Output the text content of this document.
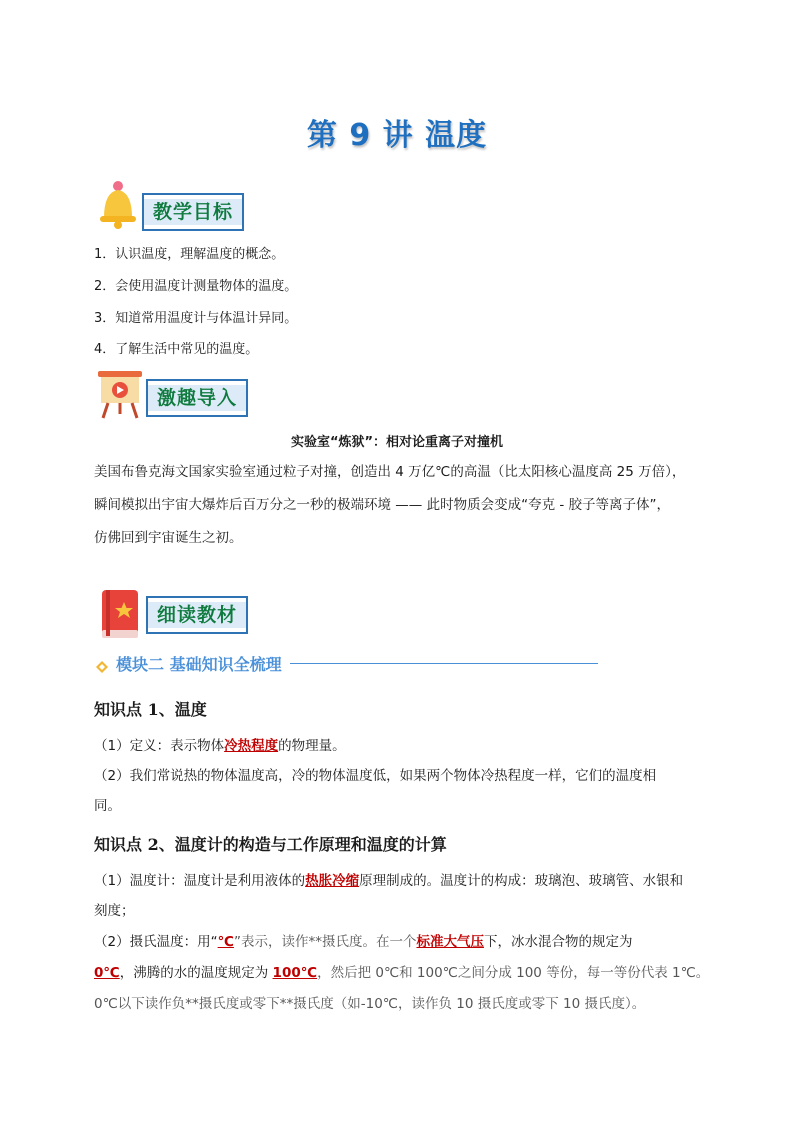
第 9 讲 温度
教学目标
1．认识温度，理解温度的概念。
2．会使用温度计测量物体的温度。
3．知道常用温度计与体温计异同。
4．了解生活中常见的温度。
激趣导入
实验室“炼狱”：相对论重离子对撞机
美国布鲁克海文国家实验室通过粒子对撞，创造出 4 万亿℃的高温（比太阳核心温度高 25 万倍），
瞬间模拟出宇宙大爆炸后百万分之一秒的极端环境 —— 此时物质会变成“夸克 - 胶子等离子体”，
仿佛回到宇宙诞生之初。
细读教材
模块二 基础知识全梳理
知识点 1、温度
（1）定义：表示物体冷热程度的物理量。
（2）我们常说热的物体温度高，冷的物体温度低，如果两个物体冷热程度一样，它们的温度相
同。
知识点 2、温度计的构造与工作原理和温度的计算
（1）温度计：温度计是利用液体的热胀冷缩原理制成的。温度计的构成：玻璃泡、玻璃管、水银和
刻度；
（2）摄氏温度：用“℃”表示，读作**摄氏度。在一个标准大气压下，冰水混合物的规定为
0℃，沸腾的水的温度规定为 100℃，然后把 0℃和 100℃之间分成 100 等份，每一等份代表 1℃。
0℃以下读作负**摄氏度或零下**摄氏度（如-10℃，读作负 10 摄氏度或零下 10 摄氏度）。
